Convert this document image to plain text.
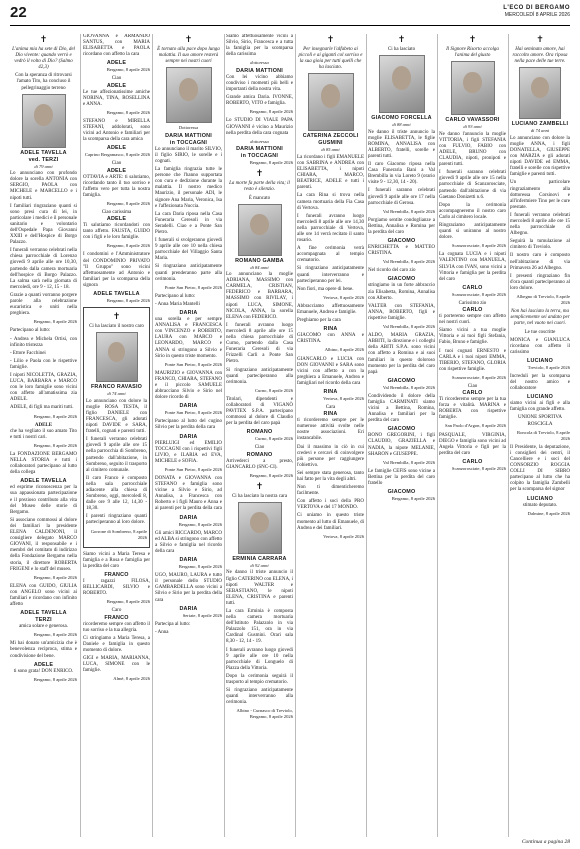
22	L'ECO DI BERGAMO
MERCOLEDÌ 8 APRILE 2026
✝

L'anima mia ha sete di Dio, del Dio vivente: quando verrò e vedrò il volto di Dio? (Salmo 42,3)

Con la speranza di ritrovarsi l'amato Tito, ha concluso il pellegrinaggio terreno

ADELE TAVELLA
ved. TERZI
di 79 anni

Lo annunciano con profondo dolore la sorella ANTONIA con SERGIO, PAOLA con MICHELE e MARCELLO e i nipoti tutti.

I familiari ringraziano quanti si sono presi cura di lei, in particolare i medici e il personale sanitario e volontario dell'Ospedale Papa Giovanni XXIII e dell'Hospice di Borgo Palazzo.

I funerali verranno celebrati nella chiesa parrocchiale di Lorenzo giovedì 9 aprile alle ore 10,30, partendo dalla camera mortuaria dell'hospice di Borgo Palazzo. La salma sarà nella giornata di mercoledì, ore 9 - 12, 15 - 18.

Grazie a quanti vorranno porgere parole alla celebrazione eucaristica e uniti nella preghiera.

Bergamo, 8 aprile 2026

Partecipano al lutto:

- Andrea e Michela Ortisi, con infinito tristezza

- Ettore Facchinei

- Lilio e Paola con le rispettive famiglie.

I nipoti NICOLETTA, GRAZIA, LUCA, BARBARA e MARCO con le loro famiglie sono vicini con affetto all'amatissima zia ADELE.

ADELE, di figli ma mariti tutti.

Bergamo, 8 aprile 2026
ADELE

che ha vegliato il suo amato Tito e tutti i nostri cari.

Bergamo, 8 aprile 2026

La FONDAZIONE BERGAMO NELLA STORIA e tutti i collaboratori partecipano al lutto della collega

ADELE TAVELLA

ed esprime riconoscenza per la sua appassionata partecipazione e il prezioso contributo alla vita del Museo delle storie di Bergamo.

Si associano commossi al dolore dei familiari la presidente ELENA CALDENONI, il consigliere delegato MARCO GIOVANI, il responsabile e i membri del comitato di indirizzo della Fondazione Bergamo nella storia, il direttore ROBERTA FRIGENI e lo staff del museo.

Bergamo, 8 aprile 2026

ELENA con GUIDO, GIULIA con ANGELO sono vicini ai familiari e ricordano con infinito affetto

ADELE TAVELLA
TERZI

amica solare e generosa.

Bergamo, 8 aprile 2026

Mi hai donato un'amicizia che è benevolenza reciproca, stima e condivisione del bene.

ADELE

ti sono grata! DON ENRICO.

Bergamo, 8 aprile 2026

GIOVANNA e ARMANDO SANTUS, con MARIA ELISABETTA e PAOLA ricordano con affetto la cara

ADELE
Bergamo, 8 aprile 2026
Ciao
ADELE

Le tue affezionatissime amiche NORINA, TINA, ROSELLINA e ANNA.

Bergamo, 8 aprile 2026

STEFANO e MIRELLA STEFANI, addolorati, sono vicini ad Antonio e familiari per la scomparsa della cara amica

ADELE
Caprino Bergamasco, 8 aprile 2026
Ciao
ADELE

OTTAVIA e ARTE: ti salutiamo, ricordando tanto il tuo sorriso e l'affetto vero per tutta la nostra famiglia.

Bergamo, 8 aprile 2026
Ciao carissima
ADELE

Ti salutiamo ricordandoti con tanto affetto. FAUSTA, GUIDO con i figli e le loro famiglie.

Bergamo, 8 aprile 2026

I condomini e l'Amministratore del CONDOMINIO PRIVATO "Il Gruppo" sono vicini affettuosamente ad Antonio e familiari per la scomparsa della signora

ADELE TAVELLA
Bergamo, 8 aprile 2026
✝

Ci ha lasciato il nostro caro

FRANCO RAVASIO
di 74 anni

Lo annunciano con dolore la moglie ROSA TESTA, il figlio DANIELE con FRANCESCA, gli adorati nipoti DAVIDE e SARA, fratelli, cognati e parenti tutti.

I funerali verranno celebrati giovedì 9 aprile alle ore 15 nella parrocchia di Sombreno, partendo dall'abitazione, in Sombreno, seguito il trasporto al cimitero comunale.

Il caro Franco è composto nella sala parrocchiale adiacente alla chiesa di Sombreno, oggi, mercoledì 8, dalle ore 9 alle 12, 14,30 - 18,30.

I parenti ringraziano quanti parteciperanno al loro dolore.

Gorrone di Sombreno, 8 aprile 2026

Siamo vicini a Maria Teresa e famiglia e a Rosa e famiglia per la perdita del caro

FRANCO

I ragazzi FILOSA, BELLICARDI, SILVIO e ROBERTO.

Bergamo, 8 aprile 2026
Caro
FRANCO

ricorderemo sempre con affetto il tuo sorriso e la tua allegria.

Ci stringiamo a Maria Teresa, a Daniele e famiglia in questo momento di dolore.

GIGI e MARIA, MARIANNA, LUCA, SIMONE con le famiglie.

Almè, 8 aprile 2026
✝

È tornato alla pace dopo lunga malattia. Il suo amore resterà sempre nei nostri cuori

Dottoressa
DARIA MATTIONI
in TOCCAGNI

Lo annunciano il marito SILVIO, il figlio SIRIO, le sorelle e i cognati.

La famiglia ringrazia tutte le persone che l'hanno supportata con cura e dedizione durante la malattia. Il nostro medico Maurizio, il personale ADI, le signore Ana Maria, Veronica, Isa e l'affezionata Nuccia.

La cara Daria riposa nella Casa Funeraria Ceresoli in via Seradelli. Ciao e a Ponte San Pietro.

I funerali si svolgeranno giovedì 9 aprile alle ore 10 nella chiesa parrocchiale del Villaggio Santa Maria.

Si ringraziano anticipatamente quanti prenderanno parte alla cerimonia.

Ponte San Pietro, 8 aprile 2026

Partecipano al lutto:

- Anna Maria Mantelli

DARIA

una sorella e per sempre ANNALISA e FRANCESCA con VINCENZO e ROBERTO, LAURA con MARCO e LEONARDO, MARCO e ANNA si stringono a Silvio e Sirio in questo triste momento.

Ponte San Pietro, 8 aprile 2026

MAURIZIO e GIOVANNA con FRANCO, CHIARA, STEFANO e il piccolo SAMUELE abbracciano Silvio e Sirio nel dolore ricordo di

DARIA
Ponte San Pietro, 8 aprile 2026

Partecipano al lutto del cugino Silvio per la perdita della cara

DARIA

PIERLUIGI ed EMILIO TOCCAGNI con i rispettivi figli LIVIO, e ILARIA ed EVA, MICHELE e SOFIA.

Ponte San Pietro, 8 aprile 2026

DONATA e GIOVANNA con STEFANO e famiglia sono vicine a Silvio e Sirio, ad Annalisa, a Francesca con Roberto e i figli Mauro e Anna e ai parenti per la perdita della cara

DARIA
Bergamo, 8 aprile 2026

Gli amici RICCARDO, MARCO ed ALBA si stringono con affetto a Silvio e famiglia nel ricordo della cara

DARIA
Bergamo, 8 aprile 2026

UGO, MAURO, LAURA e tutto il personale dello STUDIO GAMBARDELLA sono vicini a Silvio e Sirio per la perdita della cara

DARIA
Seriate, 8 aprile 2026

Partecipa al lutto:

- Anna

Siamo affettuosamente vicini a Silvio, Sirio, Francesca e a tutta la famiglia per la scomparsa della carissima

dottoressa
DARIA MATTIONI

Con lei vicino abbiamo condiviso i momenti più belli e importanti della nostra vita.

Grande amica Daria. IVONNE, ROBERTO, VITO e famiglia.

Bergamo, 8 aprile 2026

Lo STUDIO DI VIALE PAPA GIOVANNI è vicino a Maurizio nella perdita della cara cognata

dottoressa
DARIA MATTIONI
in TOCCAGNI
Bergamo, 8 aprile 2026
✝

La morte fa parte della vita; il resto è silenzio.

È mancato

ROMANO GAMBA
di 84 anni

Lo annunciano la moglie ADRIANA, MASSIMO con CARMELA, CRISTIAN, FEDERICO e BARBARA, MASSIMO con RIVILAY, i nipoti LUCA, SIMONE, NICOLA, ANNA, la sorella ELENA con FEDERICO.

I funerali avranno luogo mercoledì 8 aprile alle ore 15 nella chiesa parrocchiale di Curno, partendo dalla Casa Funeraria Ceresoli di via Frizzelli Carli a Ponte San Pietro.

Si ringraziano anticipatamente quanti parteciperanno alla cerimonia.

Curno, 8 aprile 2026

Titolari, dipendenti e collaboratori di VIGANÒ PAVITEX S.P.A. partecipano commossi al dolore di Claudio per la perdita del caro papà

ROMANO
Curno, 8 aprile 2026
Ciao
ROMANO

Arrivederci a presto, GIANCARLO (SNC-CI).

Bergamo, 8 aprile 2026
✝

Ci ha lasciato la nostra cara

ERMINIA CARRARA
di 92 anni

Ne danno il triste annuncio il figlio CATERINO con ELENA, i nipoti WALTER e SEBASTIANO, le nipoti ELENA, CRISTINA e parenti tutti.

La cara Erminia è composta nella camera mortuaria dell'Istituto Palazzolo in via Palazzolo 151, ora in via Cardinal Gusmini. Orari sala 8,30 - 12, 14 - 19.

I funerali avranno luogo giovedì 9 aprile alle ore 10 nella parrocchiale di Longuelo di Piazza della Vittoria.

Dopo la cerimonia seguirà il trasporto al tempio crematorio.

Si ringraziano anticipatamente quanti interverranno alla cerimonia.

Albino - Curnasco di Treviolo, Bergamo, 8 aprile 2026
✝

Per insegnarle l'alfabeto ai piccoli e ai giganti col sorriso e la sua gioia per tutti quelli che ha lasciato.

CATERINA ZECCOLI
GUSMINI
di 85 anni

La ricordano i figli EMANUELE con SABRINA e ANDREA con ELISABETTA, i nipoti CHIARA, MARCO, BEATRICE, ADELE e tutti i parenti.

La cara Rina si trova nella camera mortuaria della Fia Casa di Vertova.

I funerali avranno luogo mercoledì 8 aprile alle ore 14,30 nella parrocchiale di Vertova, alle ore 14 verrà recitato il santo rosario.

A fine cerimonia verrà accompagnata al tempio crematorio.

Si ringraziano anticipatamente quanti interverranno e parteciperanno per lei.

Non fiori, ma opere di bene.

Vertova, 8 aprile 2026

Abbracciamo affettuosamente Emanuele, Andrea e famiglie.

Preghiamo per la cara

RINA

GIACOMO con ANNA e CRISTINA.

Albino, 8 aprile 2026

GIANCARLO e LUCIA con DON GIOVANNI e SARA sono vicini con affetto a con la preghiera a Emanuele, Andrea e famigliari nel ricordo della cara

RINA
Vertova, 8 aprile 2026
Cara
RINA

ti ricorderemo sempre per le numerose attività svolte nelle nostre associazioni. Eri instancabile.

Dai il massimo in ciò in cui credevi e cercavi di coinvolgere più persone per raggiungere l'obiettivo.

Sei sempre stata generosa, tanto hai fatto per la vita degli altri.

Non ti dimenticheremo facilmente.

Con affetto i soci della PRO VERTOVA e del 17 MONDO.

Ci uniamo in questo triste momento al lutto di Emanuele, di Andrea e dei familiari.

Vertova, 8 aprile 2026
✝

Ci ha lasciato

GIACOMO FORCELLA
di 88 anni

Ne danno il triste annuncio la moglie ELISABETTA, le figlie ROMINA, ANNALISA con ALBERTO, fratelli, sorelle e parenti tutti.

Il caro Giacomo riposa nella Casa Funeraria Bani a Val Brembilla in via Loreto 9 (orario visite 9 - 12,30, 14 - 20).

I funerali saranno celebrati giovedì 9 aprile alle ore 17 nella parrocchiale di Gerosa.

Val Brembilla, 8 aprile 2026

Porgiamo sentite condoglianze a Bettina, Annalisa e Romina per la perdita del caro

GIACOMO

ENRICHETTA e MATTEO CRISTINA.

Val Brembilla, 8 aprile 2026

Nel ricordo del caro zio

GIACOMO

stringiamo in un forte abbraccio zia Elisabetta, Romina, Annalisa con Alberto.

VALTER con STEFANIA, ANNA, ROBERTO, figli e rispettive famiglie.

Val Brembilla, 8 aprile 2026

ALDO, MARIA GRAZIA, ABBITI, la direzione e i colleghi della ABITI S.P.A. sono vicini con affetto a Romina e ai suoi familiari in questo doloroso momento per la perdita del caro papà

GIACOMO
Val Brembilla, 8 aprile 2026

Condividendo il dolore della famiglia CARMINATI siamo vicini a Bettina, Romina, Annalisa e familiari per la perdita del caro

GIACOMO

BONO GREGORINI, i figli CLAUDIO, GRAZIELLA e NADIA, la nipote MELANIE, SHARON e GIUSEPPE.

Val Brembilla, 8 aprile 2026

Le famiglie CEFIS sono vicine a Bettina per la perdita del caro fratello

GIACOMO
Bergamo, 8 aprile 2026
✝

Il Signore Risorto accolga l'anima del giusto

CARLO VAVASSORI
di 93 anni

Ne danno l'annuncio la moglie VITTORIA, i figli STEFANIA con FULVIO, FABIO con ADELE, BRUNO con CLAUDIA, nipoti, pronipoti e parenti tutti.

I funerali saranno celebrati giovedì 9 aprile alle ore 15 nella parrocchiale di Scanzorosciate, partendo dall'abitazione di via Gaetano Donizetti n.6.

Dopo la cerimonia accompagneremo il nostro caro Carlo al cimitero locale.

Ringraziamo anticipatamente quanti si uniranno al nostro dolore.

Scanzorosciate, 8 aprile 2026

La cognata LUCIA e i nipoti VALENTINO con MANUELA, SILVIA con IVAN, sono vicini a Vittoria e famiglia per la perdita del caro

CARLO
Scanzorosciate, 8 aprile 2026
Carissimo zio
CARLO

ti porteremo sempre con affetto nei nostri cuori.

Siamo vicini a tua moglie Vittoria e ai tuoi figli Stefania, Fabio, Bruno e famiglie.

I tuoi cognati ERNESTO e CARLA e i tuoi nipoti EMMA, TIBERIO, STEFANO, GLORIA con rispettive famiglie.

Scanzorosciate, 8 aprile 2026
Ciao
CARLO

Ti ricorderemo sempre per la tua forza e vitalità. MARINA e ROBERTA con rispettive famiglie.

San Paolo d'Argon, 8 aprile 2026

PASQUALE, VIRGINIA, DIEGO e famiglia sono vicini ad Angela Vittoria e figli per la perdita del caro

CARLO
Scanzorosciate, 8 aprile 2026
✝

Hai seminato amore, hai raccolto amore. Ora riposa nella pace delle tue terre.

LUCIANO ZAMBELLI
di 74 anni

Lo annunciano con dolore la moglie ANNA, i figli DONATELLA, GIUSEPPE con MARZIA e gli adorati nipoti DAVIDE ed EMMA, fratelli e sorelle con rispettive famiglie e parenti tutti.

Un particolare ringraziamento alla dottoressa Corsinovi e all'infermiere Tino per le cure prestate.

I funerali verranno celebrati mercoledì 8 aprile alle ore 15 nella parrocchiale di Albegno.

Seguirà la tumulazione al cimitero di Treviolo.

Il nostro caro è composto nell'abitazione di via Primavera 26 ad Albegno.

I presenti ringraziano fin d'ora quanti parteciperanno al loro dolore.

Albegno di Treviolo, 8 aprile 2026

Non hai lasciato la terra, ma semplicemente sei andato per parte, nel vuoto nei cuori.

Le tue coscritte

MONICA e GIANLUCA ricordano con affetto il carissimo

LUCIANO
Treviolo, 8 aprile 2026

Increduli per la scomparsa del nostro amico e collaboratore

LUCIANO

siamo vicini ai figli e alla famiglia con grande affetto.

UNIONE SPORTIVA ROSCIGLA

Roncola di Treviolo, 8 aprile 2026

Il Presidente, la deputazione, i consiglieri dei centri, il Cancelliere e i soci del CONSORZIO ROGGIA COLLI DI SIBRO partecipano al lutto che ha colpito la famiglia Zambelli per la scomparsa del signor

LUCIANO

stimato deputato.

Dalmine, 8 aprile 2026
Continua a pagina 28
